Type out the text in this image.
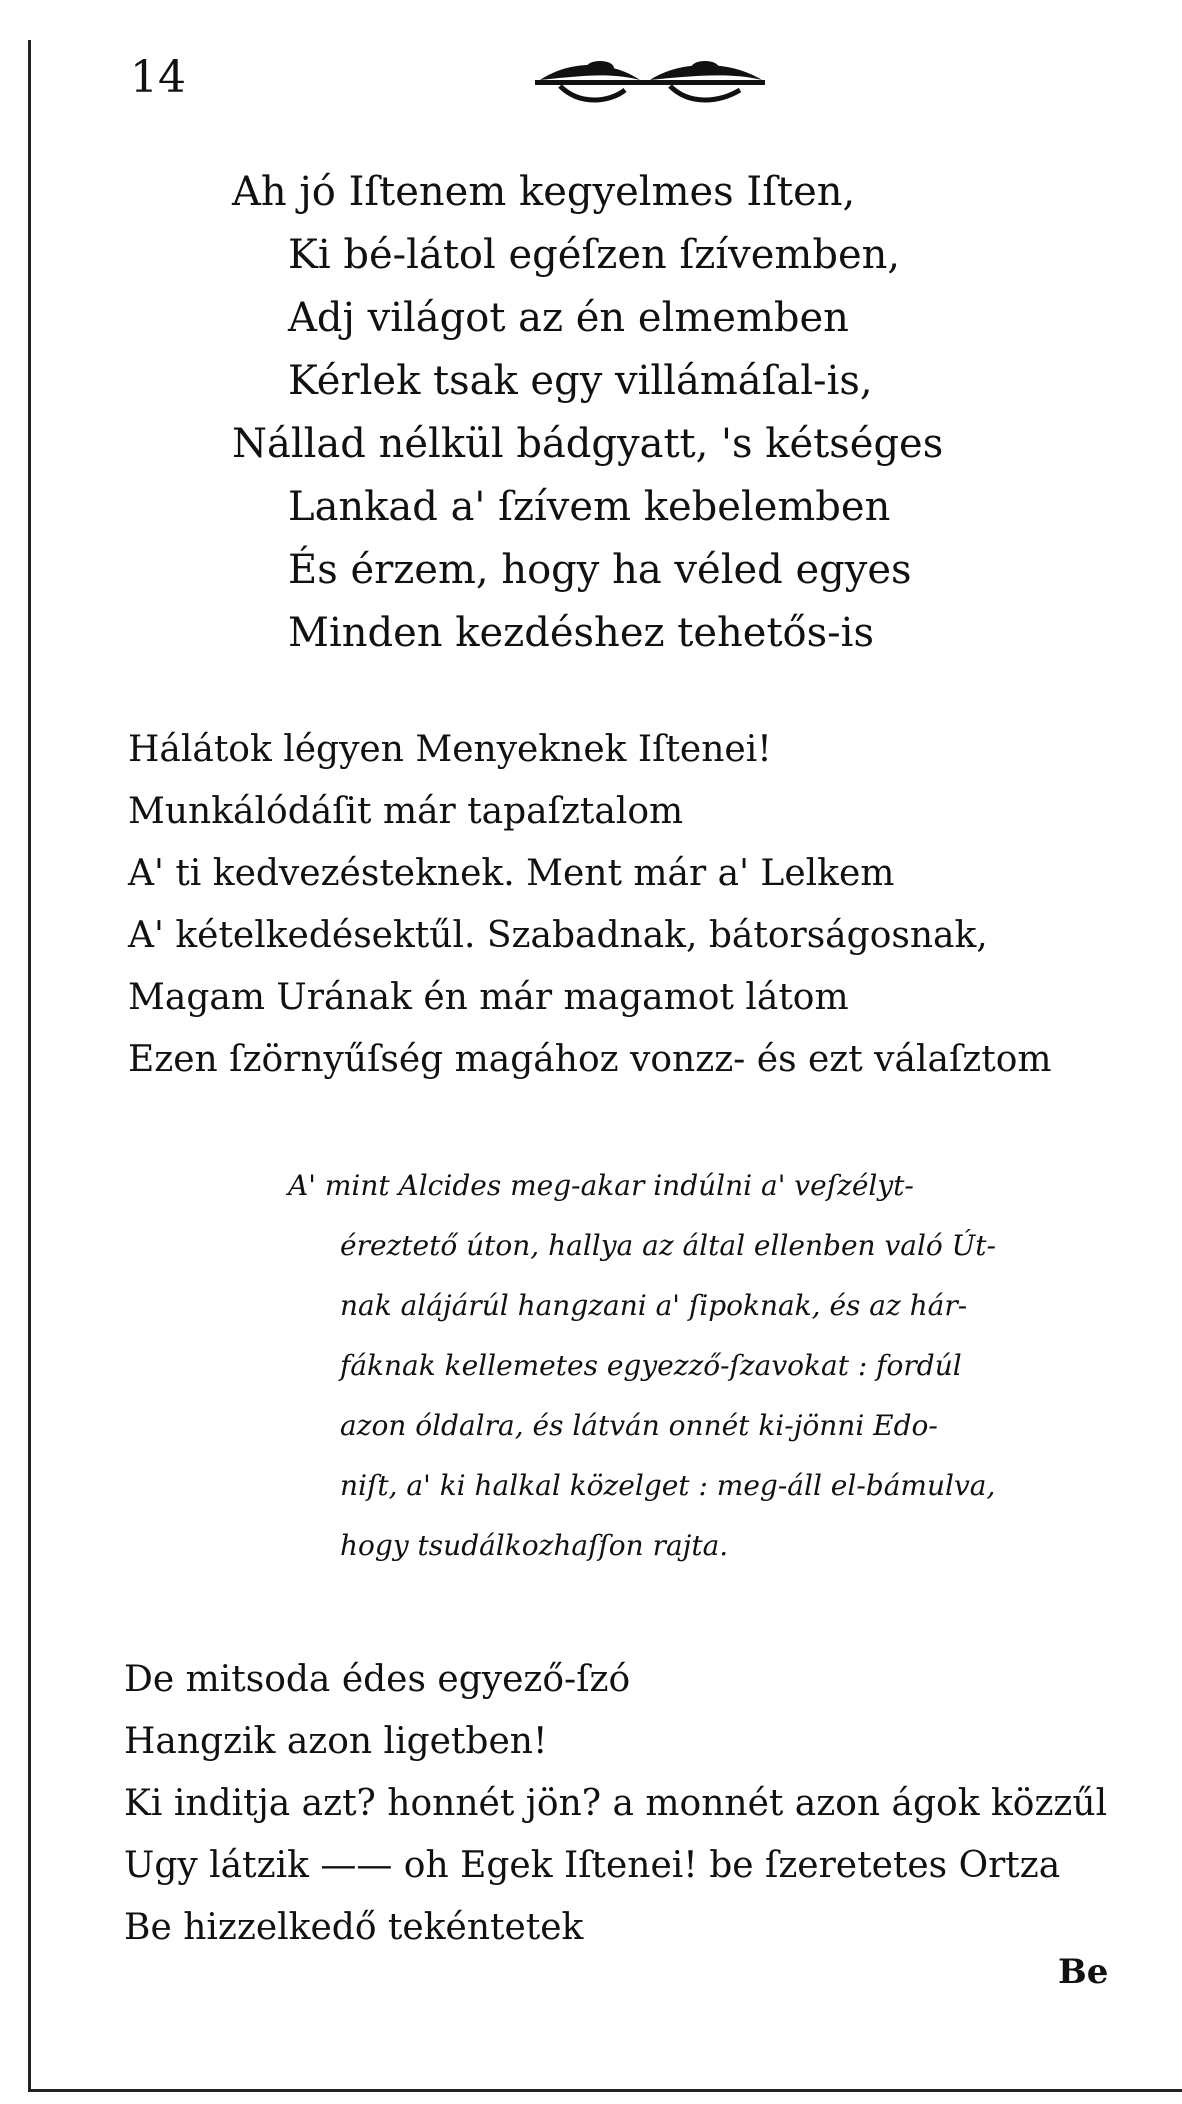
14
Ah jó Iſtenem kegyelmes Iſten,
Ki bé-látol egéſzen ſzívemben,
Adj világot az én elmemben
Kérlek tsak egy villámáſal-is,
Nállad nélkül bádgyatt, 's kétséges
Lankad a' ſzívem kebelemben
És érzem, hogy ha véled egyes
Minden kezdéshez tehetős-is
Hálátok légyen Menyeknek Iſtenei!
Munkálódáſit már tapaſztalom
A' ti kedvezésteknek. Ment már a' Lelkem
A' kételkedésektűl. Szabadnak, bátorságosnak,
Magam Urának én már magamot látom
Ezen ſzörnyűſség magához vonzz- és ezt válaſztom
A' mint Alcides meg-akar indúlni a' veſzélyt-
éreztető úton, hallya az által ellenben való Út-
nak alájárúl hangzani a' ſipoknak, és az hár-
fáknak kellemetes egyezző-ſzavokat : fordúl
azon óldalra, és látván onnét ki-jönni Edo-
niſt, a' ki halkal közelget : meg-áll el-bámulva,
hogy tsudálkozhaſſon rajta.
De mitsoda édes egyező-ſzó
Hangzik azon ligetben!
Ki inditja azt? honnét jön? a monnét azon ágok közzűl
Ugy látzik —— oh Egek Iſtenei! be ſzeretetes Ortza
Be hizzelkedő tekéntetek
Be
